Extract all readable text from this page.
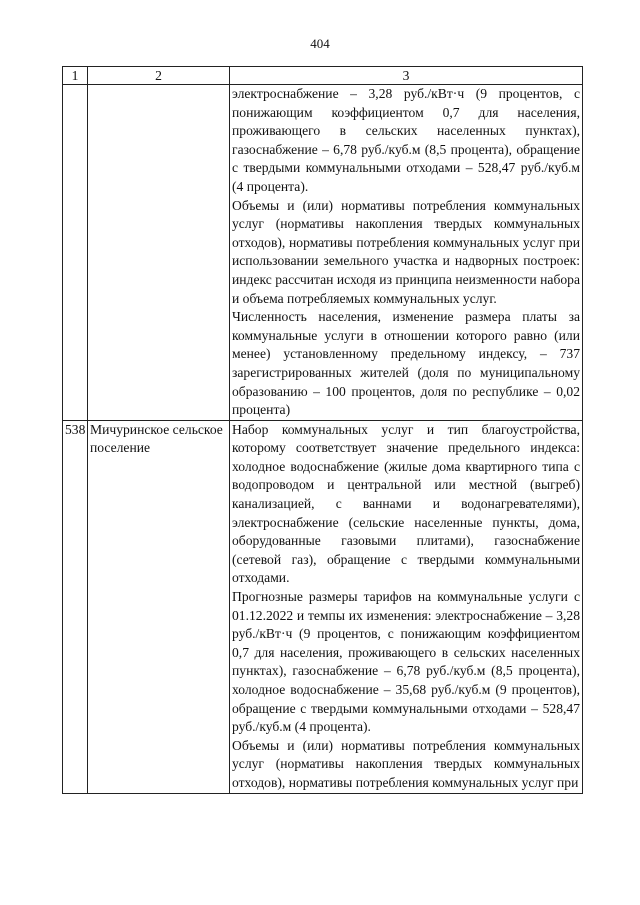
404
1	2	3

		электроснабжение – 3,28 руб./кВт·ч (9 процентов, с понижающим коэффициентом 0,7 для населения, проживающего в сельских населенных пунктах), газоснабжение – 6,78 руб./куб.м (8,5 процента), обращение с твердыми коммунальными отходами – 528,47 руб./куб.м (4 процента).

Объемы и (или) нормативы потребления коммунальных услуг (нормативы накопления твердых коммунальных отходов), нормативы потребления коммунальных услуг при использовании земельного участка и надворных построек: индекс рассчитан исходя из принципа неизменности набора и объема потребляемых коммунальных услуг.

Численность населения, изменение размера платы за коммунальные услуги в отношении которого равно (или менее) установленному предельному индексу, – 737 зарегистрированных жителей (доля по муниципальному образованию – 100 процентов, доля по республике – 0,02 процента)

538	Мичуринское сельское поселение	Набор коммунальных услуг и тип благоустройства, которому соответствует значение предельного индекса: холодное водоснабжение (жилые дома квартирного типа с водопроводом и центральной или местной (выгреб) канализацией, с ваннами и водонагревателями), электроснабжение (сельские населенные пункты, дома, оборудованные газовыми плитами), газоснабжение (сетевой газ), обращение с твердыми коммунальными отходами.

Прогнозные размеры тарифов на коммунальные услуги с 01.12.2022 и темпы их изменения: электроснабжение – 3,28 руб./кВт·ч (9 процентов, с понижающим коэффициентом 0,7 для населения, проживающего в сельских населенных пунктах), газоснабжение – 6,78 руб./куб.м (8,5 процента), холодное водоснабжение – 35,68 руб./куб.м (9 процентов), обращение с твердыми коммунальными отходами – 528,47 руб./куб.м (4 процента).

Объемы и (или) нормативы потребления коммунальных услуг (нормативы накопления твердых коммунальных отходов), нормативы потребления коммунальных услуг при
